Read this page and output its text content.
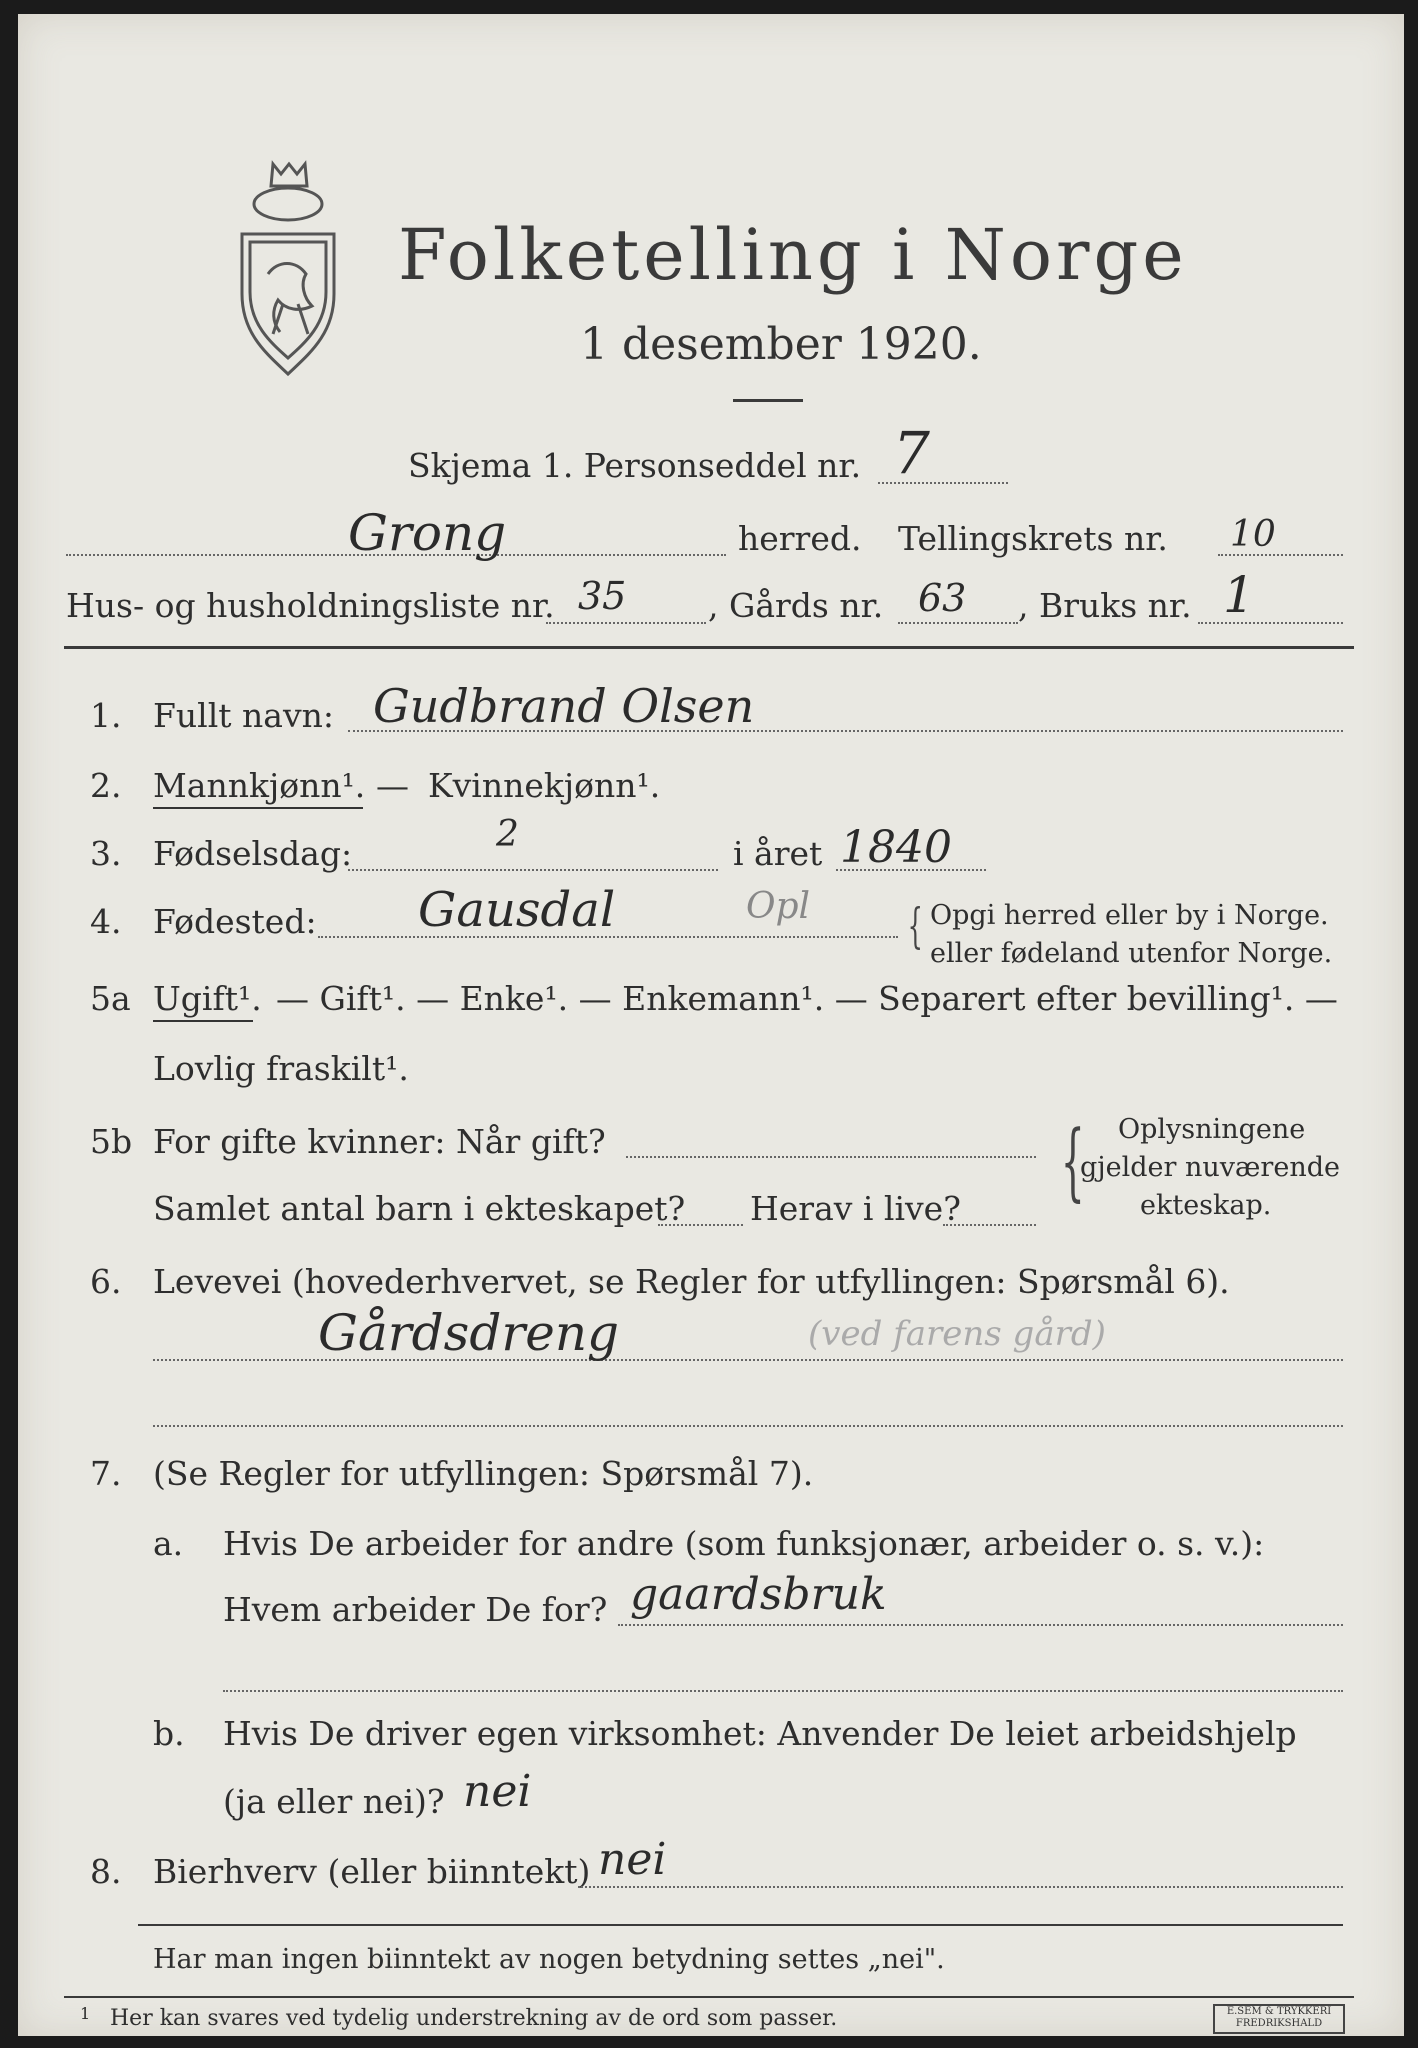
Folketelling i Norge
1 desember 1920.
Skjema 1. Personseddel nr. 7
Grong	herred. Tellingskrets nr. 10
Hus- og husholdningsliste nr. 35 , Gårds nr. 63 , Bruks nr. 1
1. Fullt navn: Gudbrand Olsen
2. Mannkjønn¹. — Kvinnekjønn¹.
3. Fødselsdag:	2	i året 1840
4. Fødested: Gausdal	Opl { Opgi herred eller by i Norge.
eller fødeland utenfor Norge.
5a Ugift¹. — Gift¹. — Enke¹. — Enkemann¹. — Separert efter bevilling¹. —
Lovlig fraskilt¹.
5b For gifte kvinner: Når gift?
Samlet antal barn i ekteskapet? Herav i live? { Oplysningene
gjelder nuværende
ekteskap.
6. Levevei (hovederhvervet, se Regler for utfyllingen: Spørsmål 6).
Gårdsdreng	(ved farens gård)
7. (Se Regler for utfyllingen: Spørsmål 7).
a. Hvis De arbeider for andre (som funksjonær, arbeider o. s. v.):
Hvem arbeider De for? gaardsbruk
b. Hvis De driver egen virksomhet: Anvender De leiet arbeidshjelp
(ja eller nei)? nei
8. Bierhverv (eller biinntekt) nei
Har man ingen biinntekt av nogen betydning settes „nei".
1 Her kan svares ved tydelig understrekning av de ord som passer.	E.SEM & TRYKKERI
FREDRIKSHALD
